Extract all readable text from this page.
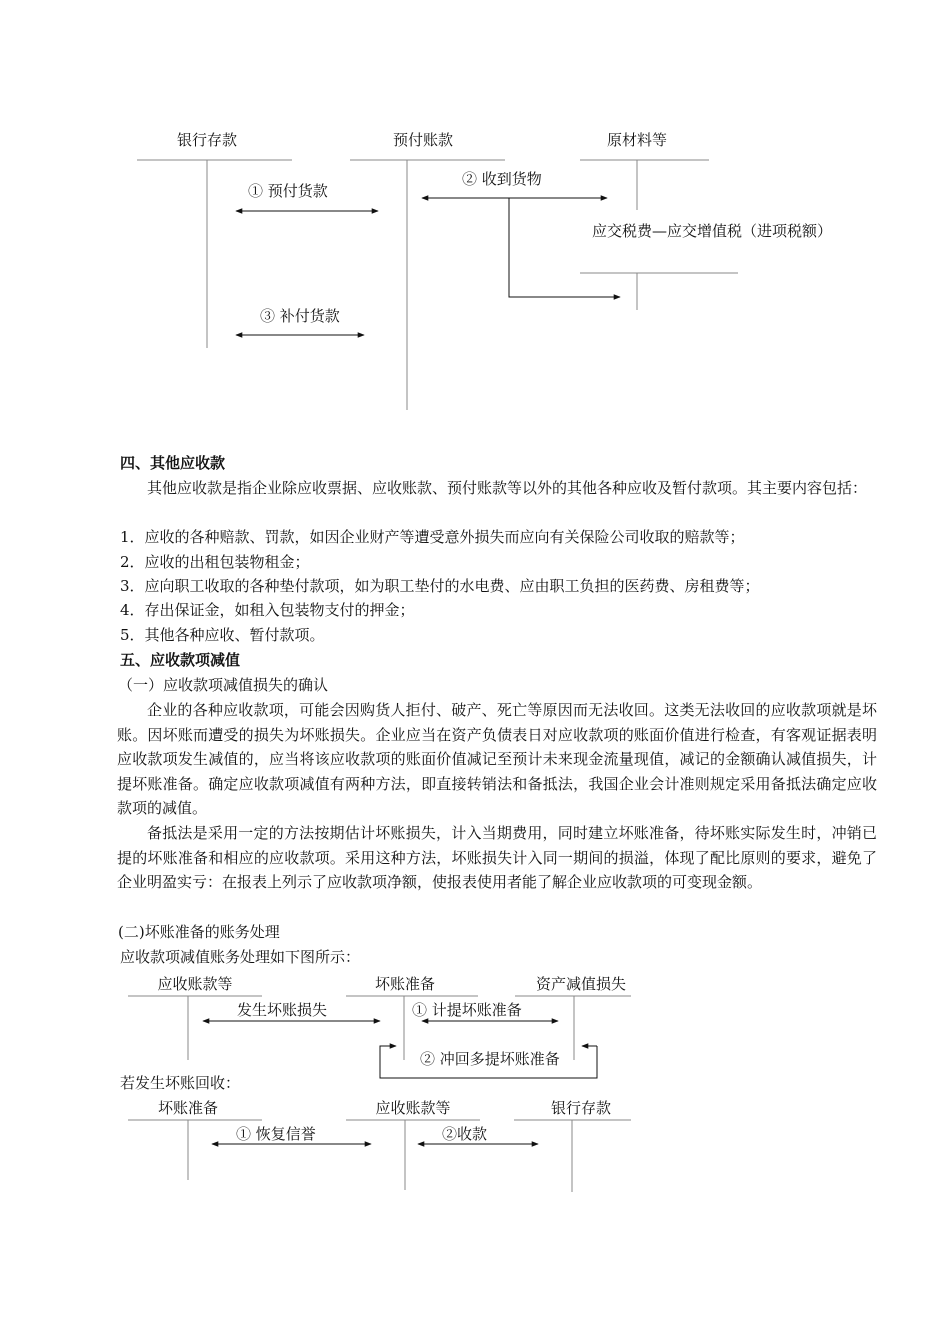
银行存款	预付账款	原材料等
应交税费—应交增值税（进项税额）
① 预付货款
② 收到货物
③ 补付货款

四、其他应收款

其他应收款是指企业除应收票据、应收账款、预付账款等以外的其他各种应收及暂付款项。其主要内容包括：

1．应收的各种赔款、罚款，如因企业财产等遭受意外损失而应向有关保险公司收取的赔款等；

2．应收的出租包装物租金；

3．应向职工收取的各种垫付款项，如为职工垫付的水电费、应由职工负担的医药费、房租费等；

4．存出保证金，如租入包装物支付的押金；

5．其他各种应收、暂付款项。

五、应收款项减值

（一）应收款项减值损失的确认

企业的各种应收款项，可能会因购货人拒付、破产、死亡等原因而无法收回。这类无法收回的应收款项就是坏账。因坏账而遭受的损失为坏账损失。企业应当在资产负债表日对应收款项的账面价值进行检查，有客观证据表明应收款项发生减值的，应当将该应收款项的账面价值减记至预计未来现金流量现值，减记的金额确认减值损失，计提坏账准备。确定应收款项减值有两种方法，即直接转销法和备抵法，我国企业会计准则规定采用备抵法确定应收款项的减值。

备抵法是采用一定的方法按期估计坏账损失，计入当期费用，同时建立坏账准备，待坏账实际发生时，冲销已提的坏账准备和相应的应收款项。采用这种方法，坏账损失计入同一期间的损溢，体现了配比原则的要求，避免了企业明盈实亏：在报表上列示了应收款项净额，使报表使用者能了解企业应收款项的可变现金额。

(二)坏账准备的账务处理

应收款项减值账务处理如下图所示：

应收账款等	坏账准备	资产减值损失
发生坏账损失	① 计提坏账准备
② 冲回多提坏账准备

若发生坏账回收：

坏账准备	应收账款等	银行存款
① 恢复信誉	②收款
